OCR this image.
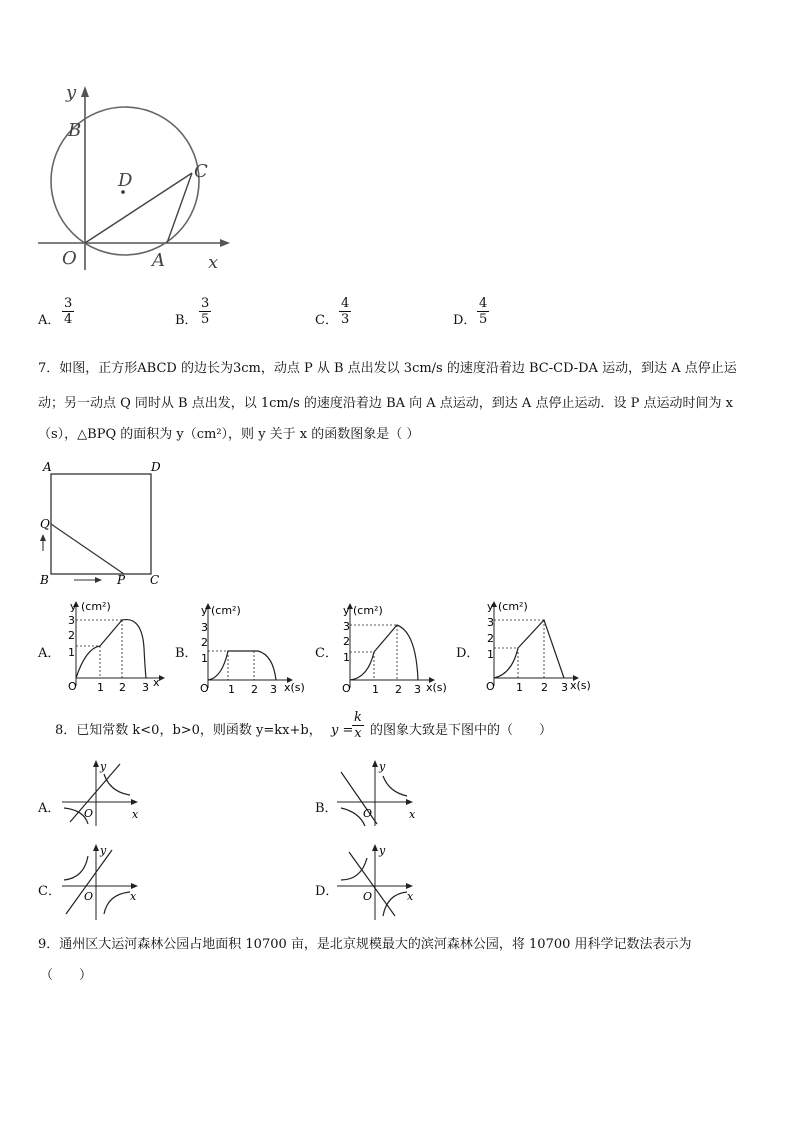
D
y
B
C
O	A x
A． $\frac{3}{4}$	B． $\frac{3}{5}$	C． $\frac{4}{3}$	D． $\frac{4}{5}$
7．如图，正方形ABCD 的边长为3cm，动点 P 从 B 点出发以 3cm/s 的速度沿着边 BC-CD-DA 运动，到达 A 点停止运
动；另一动点 Q 同时从 B 点出发，以 1cm/s 的速度沿着边 BA 向 A 点运动，到达 A 点停止运动．设 P 点运动时间为 x
（s），△BPQ 的面积为 y（cm²），则 y 关于 x 的函数图象是（ ）
A	D
Q
B	P C
A．	B．	C．	D．
y (cm²)
3
2
1
O 1 2 3 x
y (cm²)
3
2
1
O 1 2 3 x(s)
y (cm²)
3
2
1
O 1 2 3 x(s)
y (cm²)
3
2
1
O 1 2 3 x(s)
8．已知常数 k<0，b>0，则函数 y=kx+b， y =
$\frac{k}{x}$ 的图象大致是下图中的（　　）
A．	B．
C．	D．
y
O	x
y
O	x
y
O	x
y
O	x
9．通州区大运河森林公园占地面积 10700 亩，是北京规模最大的滨河森林公园，将 10700 用科学记数法表示为
（　　）
